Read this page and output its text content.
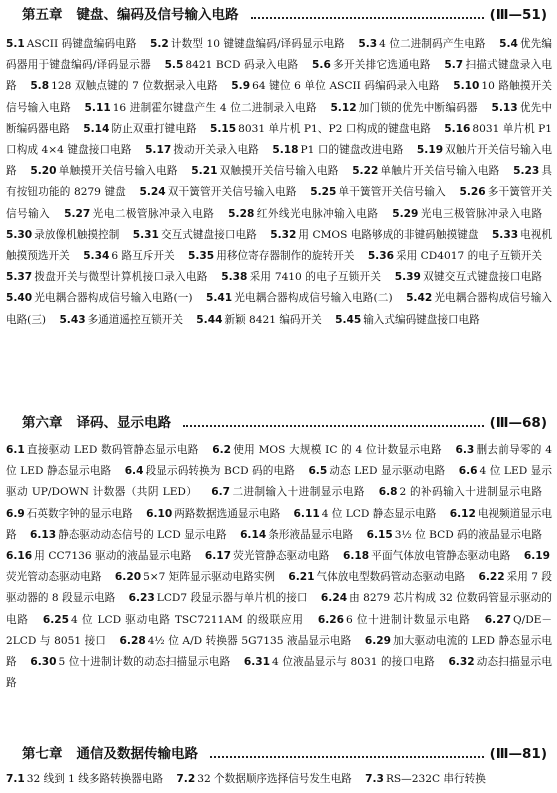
第五章 键盘、编码及信号输入电路	(Ⅲ—51)

5.1 ASCII 码键盘编码电路 5.2 计数型 10 键键盘编码/译码显示电路 5.3 4 位二进制码产生电路 5.4 优先编码器用于键盘编码/译码显示器 5.5 8421 BCD 码录入电路 5.6 多开关排它选通电路 5.7 扫描式键盘录入电路 5.8 128 双触点键的 7 位数据录入电路 5.9 64 键位 6 单位 ASCII 码编码录入电路 5.10 10 路触摸开关信号输入电路 5.11 16 进制霍尔键盘产生 4 位二进制录入电路 5.12 加门锁的优先中断编码器 5.13 优先中断编码器电路 5.14 防止双重打键电路 5.15 8031 单片机 P1、P2 口构成的键盘电路 5.16 8031 单片机 P1 口构成 4×4 键盘接口电路 5.17 拨动开关录入电路 5.18 P1 口的键盘改进电路 5.19 双触片开关信号输入电路 5.20 单触摸开关信号输入电路 5.21 双触摸开关信号输入电路 5.22 单触片开关信号输入电路 5.23 具有按钮功能的 8279 键盘 5.24 双干簧管开关信号输入电路 5.25 单干簧管开关信号输入 5.26 多干簧管开关信号输入 5.27 光电二极管脉冲录入电路 5.28 红外线光电脉冲输入电路 5.29 光电三极管脉冲录入电路 5.30 录放像机触摸控制 5.31 交互式键盘接口电路 5.32 用 CMOS 电路够成的非键码触摸键盘 5.33 电视机触摸预选开关 5.34 6 路互斥开关 5.35 用移位寄存器制作的旋转开关 5.36 采用 CD4017 的电子互锁开关 5.37 拨盘开关与微型计算机接口录入电路 5.38 采用 7410 的电子互锁开关 5.39 双键交互式键盘接口电路 5.40 光电耦合器构成信号输入电路(一) 5.41 光电耦合器构成信号输入电路(二) 5.42 光电耦合器构成信号输入电路(三) 5.43 多通道遥控互锁开关 5.44 新颖 8421 编码开关 5.45 输入式编码键盘接口电路

第六章 译码、显示电路	(Ⅲ—68)

6.1 直接驱动 LED 数码管静态显示电路 6.2 使用 MOS 大规模 IC 的 4 位计数显示电路 6.3 删去前导零的 4 位 LED 静态显示电路 6.4 段显示码转换为 BCD 码的电路 6.5 动态 LED 显示驱动电路 6.6 4 位 LED 显示驱动 UP/DOWN 计数器（共阴 LED） 6.7 二进制输入十进制显示电路 6.8 2 的补码输入十进制显示电路 6.9 石英数字钟的显示电路 6.10 两路数据选通显示电路 6.11 4 位 LCD 静态显示电路 6.12 电视频道显示电路 6.13 静态驱动动态信号的 LCD 显示电路 6.14 条形液晶显示电路 6.15 3½ 位 BCD 码的液晶显示电路 6.16 用 CC7136 驱动的液晶显示电路 6.17 荧光管静态驱动电路 6.18 平面气体放电管静态驱动电路 6.19荧光管动态驱动电路 6.20 5×7 矩阵显示驱动电路实例 6.21 气体放电型数码管动态驱动电路 6.22 采用 7 段驱动器的 8 段显示电路 6.23 LCD7 段显示器与单片机的接口 6.24 由 8279 芯片构成 32 位数码管显示驱动的电路 6.25 4 位 LCD 驱动电路 TSC7211AM 的级联应用 6.26 6 位十进制计数显示电路 6.27 Q/DE－2LCD 与 8051 接口 6.28 4½ 位 A/D 转换器 5G7135 液晶显示电路 6.29 加大驱动电流的 LED 静态显示电路 6.30 5 位十进制计数的动态扫描显示电路 6.31 4 位液晶显示与 8031 的接口电路 6.32 动态扫描显示电路

第七章 通信及数据传输电路	(Ⅲ—81)

7.1 32 线到 1 线多路转换器电路 7.2 32 个数据顺序选择信号发生电路 7.3 RS—232C 串行转换
